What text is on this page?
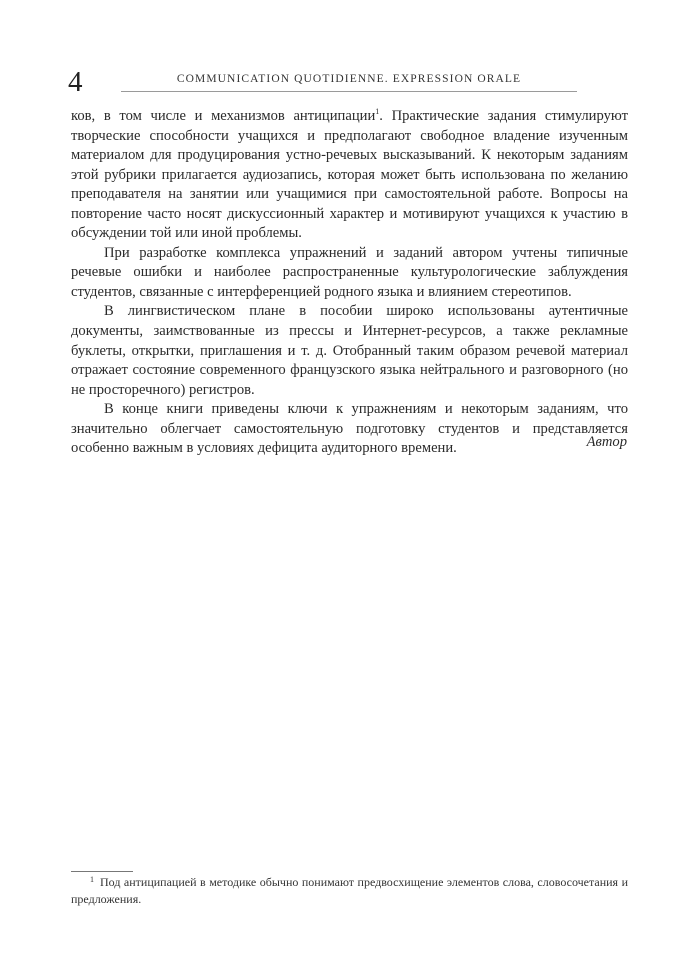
4	COMMUNICATION QUOTIDIENNE. EXPRESSION ORALE

ков, в том числе и механизмов антиципации$^1$. Практические задания стимулируют творческие способности учащихся и предполагают свободное владение изученным материалом для продуцирования устно-речевых высказываний. К некоторым заданиям этой рубрики прилагается аудиозапись, которая может быть использована по желанию преподавателя на занятии или учащимися при самостоятельной работе. Вопросы на повторение часто носят дискуссионный характер и мотивируют учащихся к участию в обсуждении той или иной проблемы.

При разработке комплекса упражнений и заданий автором учтены типичные речевые ошибки и наиболее распространенные культурологические заблуждения студентов, связанные с интерференцией родного языка и влиянием стереотипов.

В лингвистическом плане в пособии широко использованы аутентичные документы, заимствованные из прессы и Интернет-ресурсов, а также рекламные буклеты, открытки, приглашения и т. д. Отобранный таким образом речевой материал отражает состояние современного французского языка нейтрального и разговорного (но не просторечного) регистров.

В конце книги приведены ключи к упражнениям и некоторым заданиям, что значительно облегчает самостоятельную подготовку студентов и представляется особенно важным в условиях дефицита аудиторного времени.	Автор
$^1$ Под антиципацией в методике обычно понимают предвосхищение элементов слова, словосочетания и предложения.
